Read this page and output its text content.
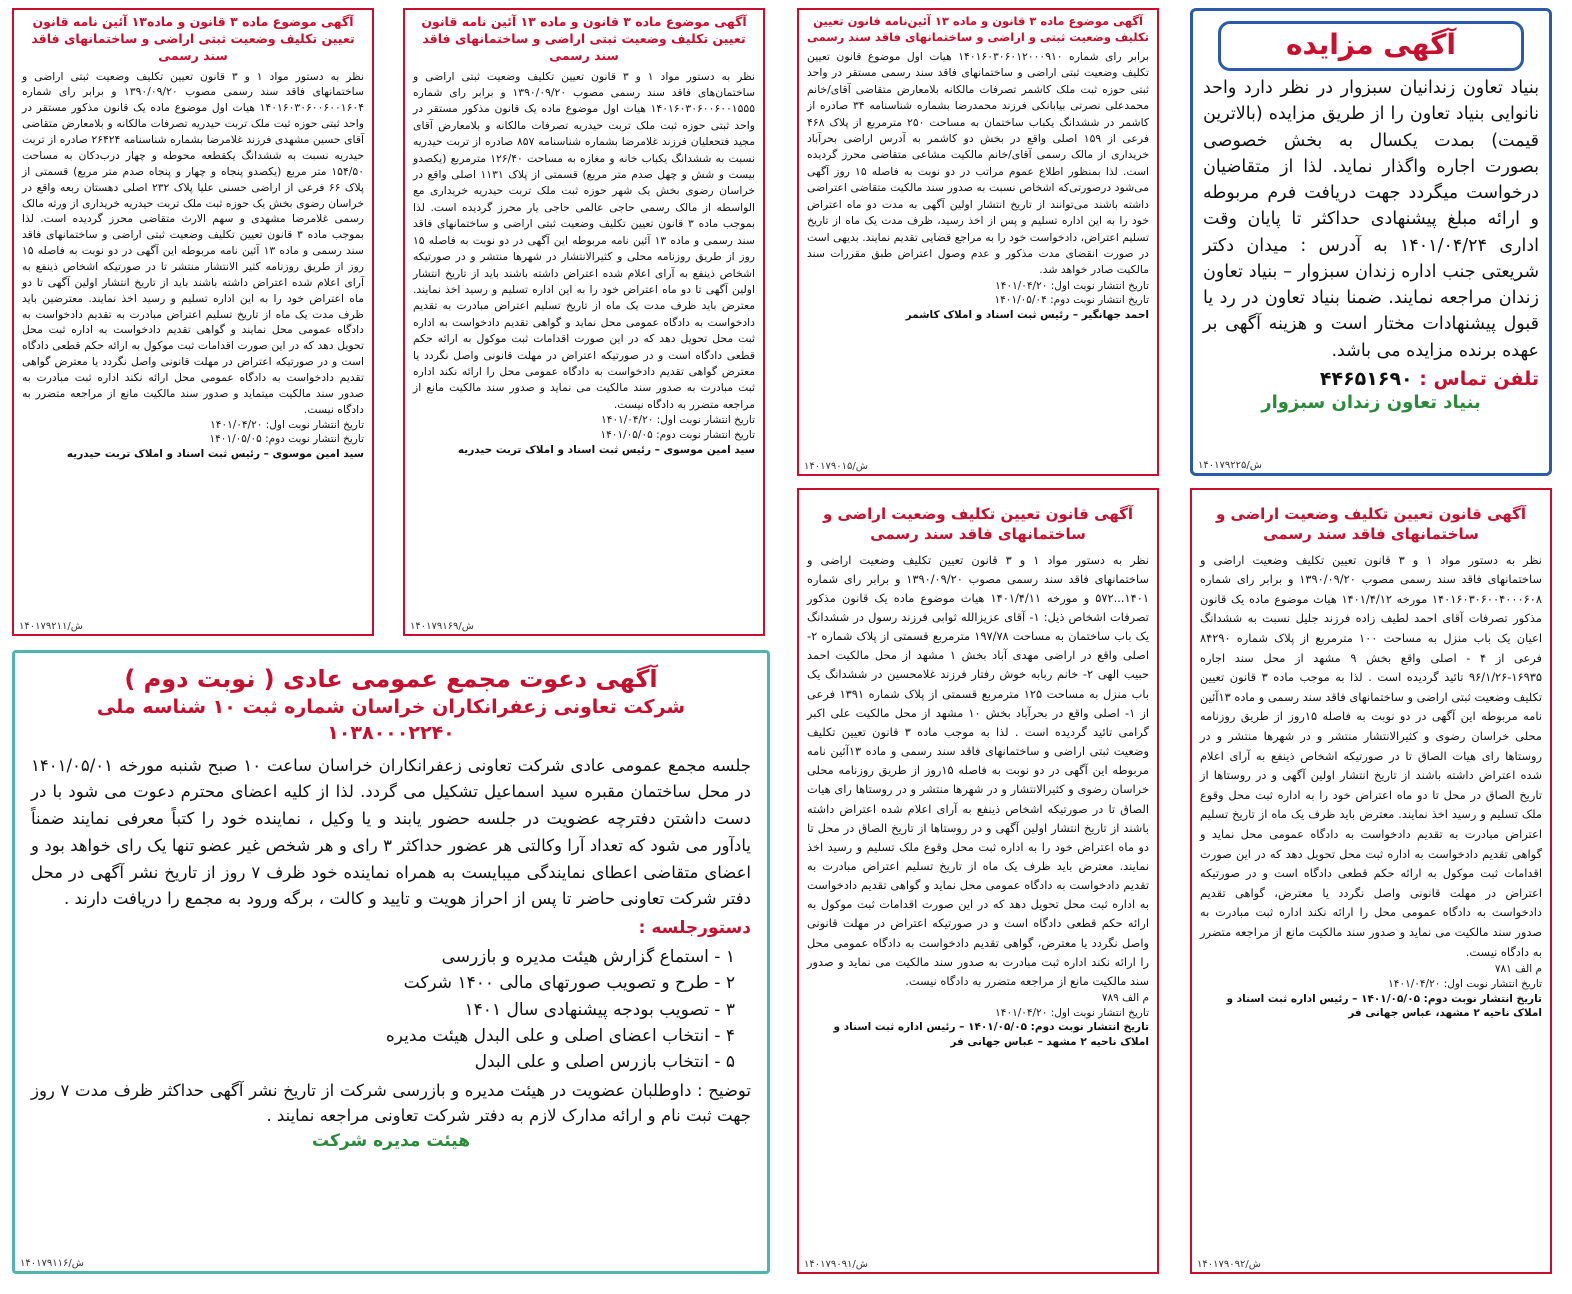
آگهی مزایده

بنیاد تعاون زندانیان سبزوار در نظر دارد واحد نانوایی بنیاد تعاون را از طریق مزایده (بالاترین قیمت) بمدت یکسال به بخش خصوصی بصورت اجاره واگذار نماید. لذا از متقاضیان درخواست میگردد جهت دریافت فرم مربوطه و ارائه مبلغ پیشنهادی حداکثر تا پایان وقت اداری ۱۴۰۱/۰۴/۲۴ به آدرس : میدان دکتر شریعتی جنب اداره زندان سبزوار – بنیاد تعاون زندان مراجعه نمایند. ضمنا بنیاد تعاون در رد یا قبول پیشنهادات مختار است و هزینه آگهی بر عهده برنده مزایده می باشد.

تلفن تماس : ۴۴۶۵۱۶۹۰
بنیاد تعاون زندان سبزوار
۱۴۰۱۷۹۲۲۵/ش
آگهی قانون تعیین تکلیف وضعیت اراضی و ساختمانهای فاقد سند رسمی

نظر به دستور مواد ۱ و ۳ قانون تعیین تکلیف وضعیت اراضی و ساختمانهای فاقد سند رسمی مصوب ۱۳۹۰/۰۹/۲۰ و برابر رای شماره ۱۴۰۱۶۰۳۰۶۰۰۴۰۰۰۶۰۸ مورخه ۱۴۰۱/۴/۱۲ هیات موضوع ماده یک قانون مذکور تصرفات آقای احمد لطیف زاده فرزند جلیل نسبت به ششدانگ اعیان یک باب منزل به مساحت ۱۰۰ مترمربع از پلاک شماره ۸۴۲۹۰ فرعی از ۴ - اصلی واقع بخش ۹ مشهد از محل سند اجاره ۱۶۹۳۵-۹۶/۱/۲۶ تائید گردیده است . لذا به موجب ماده ۳ قانون تعیین تکلیف وضعیت ثبتی اراضی و ساختمانهای فاقد سند رسمی و ماده ۱۳آئین نامه مربوطه این آگهی در دو نوبت به فاصله ۱۵روز از طریق روزنامه محلی خراسان رضوی و کثیرالانتشار منتشر و در شهرها منتشر و در روستاها رای هیات الصاق تا در صورتیکه اشخاص ذینفع به آرای اعلام شده اعتراض داشته باشند از تاریخ انتشار اولین آگهی و در روستاها از تاریخ الصاق در محل تا دو ماه اعتراض خود را به اداره ثبت محل وقوع ملک تسلیم و رسید اخذ نمایند. معترض باید ظرف یک ماه از تاریخ تسلیم اعتراض مبادرت به تقدیم دادخواست به دادگاه عمومی محل نماید و گواهی تقدیم دادخواست به اداره ثبت محل تحویل دهد که در این صورت اقدامات ثبت موکول به ارائه حکم قطعی دادگاه است و در صورتیکه اعتراض در مهلت قانونی واصل نگردد یا معترض، گواهی تقدیم دادخواست به دادگاه عمومی محل را ارائه نکند اداره ثبت مبادرت به صدور سند مالکیت می نماید و صدور سند مالکیت مانع از مراجعه متضرر به دادگاه نیست.

م الف ۷۸۱
تاریخ انتشار نوبت اول: ۱۴۰۱/۰۴/۲۰
تاریخ انتشار نوبت دوم: ۱۴۰۱/۰۵/۰۵ – رئیس اداره ثبت اسناد و املاک ناحیه ۲ مشهد، عباس جهانی فر
۱۴۰۱۷۹۰۹۲/ش
آگهی موضوع ماده ۳ قانون و ماده ۱۳ آئین‌نامه قانون تعیین تکلیف وضعیت ثبتی و اراضی و ساختمانهای فاقد سند رسمی

برابر رای شماره ۱۴۰۱۶۰۳۰۶۰۱۲۰۰۰۹۱۰ هیات اول موضوع قانون تعیین تکلیف وضعیت ثبتی اراضی و ساختمانهای فاقد سند رسمی مستقر در واحد ثبتی حوزه ثبت ملک کاشمر تصرفات مالکانه بلامعارض متقاضی آقای/خانم محمدعلی نصرتی بیابانکی فرزند محمدرضا بشماره شناسنامه ۳۴ صادره از کاشمر در ششدانگ یکباب ساختمان به مساحت ۲۵۰ مترمربع از پلاک ۴۶۸ فرعی از ۱۵۹ اصلی واقع در بخش دو کاشمر به آدرس اراضی بحرآباد خریداری از مالک رسمی آقای/خانم مالکیت مشاعی متقاضی محرز گردیده است. لذا بمنظور اطلاع عموم مراتب در دو نوبت به فاصله ۱۵ روز آگهی می‌شود درصورتی‌که اشخاص نسبت به صدور سند مالکیت متقاضی اعتراضی داشته باشند می‌توانند از تاریخ انتشار اولین آگهی به مدت دو ماه اعتراض خود را به این اداره تسلیم و پس از اخذ رسید، ظرف مدت یک ماه از تاریخ تسلیم اعتراض، دادخواست خود را به مراجع قضایی تقدیم نمایند. بدیهی است در صورت انقضای مدت مذکور و عدم وصول اعتراض طبق مقررات سند مالکیت صادر خواهد شد.

تاریخ انتشار نوبت اول: ۱۴۰۱/۰۴/۲۰
تاریخ انتشار نوبت دوم: ۱۴۰۱/۰۵/۰۴
احمد جهانگیر – رئیس ثبت اسناد و املاک کاشمر
۱۴۰۱۷۹۰۱۵/ش
آگهی قانون تعیین تکلیف وضعیت اراضی و ساختمانهای فاقد سند رسمی

نظر به دستور مواد ۱ و ۳ قانون تعیین تکلیف وضعیت اراضی و ساختمانهای فاقد سند رسمی مصوب ۱۳۹۰/۰۹/۲۰ و برابر رای شماره ۱۴۰۱...۵۷۲ و مورخه ۱۴۰۱/۴/۱۱ هیات موضوع ماده یک قانون مذکور تصرفات اشخاص ذیل: ۱- آقای عزیزالله ثوابی فرزند رسول در ششدانگ یک باب ساختمان به مساحت ۱۹۷/۷۸ مترمربع قسمتی از پلاک شماره ۲- اصلی واقع در اراضی مهدی آباد بخش ۱ مشهد از محل مالکیت احمد حبیب الهی ۲- خانم ربابه خوش رفتار فرزند غلامحسین در ششدانگ یک باب منزل به مساحت ۱۲۵ مترمربع قسمتی از پلاک شماره ۱۳۹۱ فرعی از ۱- اصلی واقع در بحرآباد بخش ۱۰ مشهد از محل مالکیت علی اکبر گرامی تائید گردیده است . لذا به موجب ماده ۳ قانون تعیین تکلیف وضعیت ثبتی اراضی و ساختمانهای فاقد سند رسمی و ماده ۱۳آئین نامه مربوطه این آگهی در دو نوبت به فاصله ۱۵روز از طریق روزنامه محلی خراسان رضوی و کثیرالانتشار و در شهرها منتشر و در روستاها رای هیات الصاق تا در صورتیکه اشخاص ذینفع به آرای اعلام شده اعتراض داشته باشند از تاریخ انتشار اولین آگهی و در روستاها از تاریخ الصاق در محل تا دو ماه اعتراض خود را به اداره ثبت محل وقوع ملک تسلیم و رسید اخذ نمایند. معترض باید ظرف یک ماه از تاریخ تسلیم اعتراض مبادرت به تقدیم دادخواست به دادگاه عمومی محل نماید و گواهی تقدیم دادخواست به اداره ثبت محل تحویل دهد که در این صورت اقدامات ثبت موکول به ارائه حکم قطعی دادگاه است و در صورتیکه اعتراض در مهلت قانونی واصل نگردد یا معترض، گواهی تقدیم دادخواست به دادگاه عمومی محل را ارائه نکند اداره ثبت مبادرت به صدور سند مالکیت می نماید و صدور سند مالکیت مانع از مراجعه متضرر به دادگاه نیست.

م الف ۷۸۹
تاریخ انتشار نوبت اول: ۱۴۰۱/۰۴/۲۰
تاریخ انتشار نوبت دوم: ۱۴۰۱/۰۵/۰۵ – رئیس اداره ثبت اسناد و املاک ناحیه ۲ مشهد – عباس جهانی فر
۱۴۰۱۷۹۰۹۱/ش
آگهی موضوع ماده ۳ قانون و ماده ۱۳ آئین نامه قانون تعیین تکلیف وضعیت ثبتی اراضی و ساختمانهای فاقد سند رسمی

نظر به دستور مواد ۱ و ۳ قانون تعیین تکلیف وضعیت ثبتی اراضی و ساختمان‌های فاقد سند رسمی مصوب ۱۳۹۰/۰۹/۲۰ و برابر رای شماره ۱۴۰۱۶۰۳۰۶۰۰۶۰۰۱۵۵۵ هیات اول موضوع ماده یک قانون مذکور مستقر در واحد ثبتی حوزه ثبت ملک تربت حیدریه تصرفات مالکانه و بلامعارض آقای مجید فتحعلیان فرزند غلامرضا بشماره شناسنامه ۸۵۷ صادره از تربت حیدریه نسبت به ششدانگ یکباب خانه و مغازه به مساحت ۱۲۶/۴۰ مترمربع (یکصدو بیست و شش و چهل صدم متر مربع) قسمتی از پلاک ۱۱۳۱ اصلی واقع در خراسان رضوی بخش یک شهر حوزه ثبت ملک تربت حیدریه خریداری مع الواسطه از مالک رسمی حاجی عالمی حاجی یار محرز گردیده است. لذا بموجب ماده ۳ قانون تعیین تکلیف وضعیت ثبتی اراضی و ساختمانهای فاقد سند رسمی و ماده ۱۳ آئین نامه مربوطه این آگهی در دو نوبت به فاصله ۱۵ روز از طریق روزنامه محلی و کثیرالانتشار در شهرها منتشر و در صورتیکه اشخاص ذینفع به آرای اعلام شده اعتراض داشته باشند باید از تاریخ انتشار اولین آگهی تا دو ماه اعتراض خود را به این اداره تسلیم و رسید اخذ نمایند. معترض باید ظرف مدت یک ماه از تاریخ تسلیم اعتراض مبادرت به تقدیم دادخواست به دادگاه عمومی محل نماید و گواهی تقدیم دادخواست به اداره ثبت محل تحویل دهد که در این صورت اقدامات ثبت موکول به ارائه حکم قطعی دادگاه است و در صورتیکه اعتراض در مهلت قانونی واصل نگردد یا معترض گواهی تقدیم دادخواست به دادگاه عمومی محل را ارائه نکند اداره ثبت مبادرت به صدور سند مالکیت می نماید و صدور سند مالکیت مانع از مراجعه متضرر به دادگاه نیست.

تاریخ انتشار نوبت اول: ۱۴۰۱/۰۴/۲۰
تاریخ انتشار نوبت دوم: ۱۴۰۱/۰۵/۰۵
سید امین موسوی – رئیس ثبت اسناد و املاک تربت حیدریه
۱۴۰۱۷۹۱۶۹/ش
آگهی موضوع ماده ۳ قانون و ماده۱۳ آئین نامه قانون تعیین تکلیف وضعیت ثبتی اراضی و ساختمانهای فاقد سند رسمی

نظر به دستور مواد ۱ و ۳ قانون تعیین تکلیف وضعیت ثبتی اراضی و ساختمانهای فاقد سند رسمی مصوب ۱۳۹۰/۰۹/۲۰ و برابر رای شماره ۱۴۰۱۶۰۳۰۶۰۰۶۰۰۱۶۰۴ هیات اول موضوع ماده یک قانون مذکور مستقر در واحد ثبتی حوزه ثبت ملک تربت حیدریه تصرفات مالکانه و بلامعارض متقاضی آقای حسین مشهدی فرزند غلامرضا بشماره شناسنامه ۲۶۴۲۴ صادره از تربت حیدریه نسبت به ششدانگ یکقطعه محوطه و چهار درب‌دکان به مساحت ۱۵۴/۵۰ متر مربع (یکصدو پنجاه و چهار و پنجاه صدم متر مربع) قسمتی از پلاک ۶۶ فرعی از اراضی حسنی علیا پلاک ۲۳۲ اصلی دهستان ربعه واقع در خراسان رضوی بخش یک حوزه ثبت ملک تربت حیدریه خریداری از ورثه مالک رسمی غلامرضا مشهدی و سهم الارث متقاضی محرز گردیده است. لذا بموجب ماده ۳ قانون تعیین تکلیف وضعیت ثبتی اراضی و ساختمانهای فاقد سند رسمی و ماده ۱۳ آئین نامه مربوطه این آگهی در دو نوبت به فاصله ۱۵ روز از طریق روزنامه کثیر الانتشار منتشر تا در صورتیکه اشخاص ذینفع به آرای اعلام شده اعتراض داشته باشند باید از تاریخ انتشار اولین آگهی تا دو ماه اعتراض خود را به این اداره تسلیم و رسید اخذ نمایند. معترضین باید ظرف مدت یک ماه از تاریخ تسلیم اعتراض مبادرت به تقدیم دادخواست به دادگاه عمومی محل نمایند و گواهی تقدیم دادخواست به اداره ثبت محل تحویل دهد که در این صورت اقدامات ثبت موکول به ارائه حکم قطعی دادگاه است و در صورتیکه اعتراض در مهلت قانونی واصل نگردد یا معترض گواهی تقدیم دادخواست به دادگاه عمومی محل ارائه نکند اداره ثبت مبادرت به صدور سند مالکیت میتماید و صدور سند مالکیت مانع از مراجعه متضرر به دادگاه نیست.

تاریخ انتشار نوبت اول: ۱۴۰۱/۰۴/۲۰
تاریخ انتشار نوبت دوم: ۱۴۰۱/۰۵/۰۵
سید امین موسوی – رئیس ثبت اسناد و املاک تربت حیدریه
۱۴۰۱۷۹۲۱۱/ش
آگهی دعوت مجمع عمومی عادی ( نوبت دوم )
شرکت تعاونی زعفرانکاران خراسان شماره ثبت ۱۰ شناسه ملی ۱۰۳۸۰۰۰۲۲۴۰

جلسه مجمع عمومی عادی شرکت تعاونی زعفرانکاران خراسان ساعت ۱۰ صبح شنبه مورخه ۱۴۰۱/۰۵/۰۱ در محل ساختمان مقبره سید اسماعیل تشکیل می گردد. لذا از کلیه اعضای محترم دعوت می شود با در دست داشتن دفترچه عضویت در جلسه حضور یابند و یا وکیل ، نماینده خود را کتباً معرفی نمایند ضمناً یادآور می شود که تعداد آرا وکالتی هر عضور حداکثر ۳ رای و هر شخص غیر عضو تنها یک رای خواهد بود و اعضای متقاضی اعطای نمایندگی میبایست به همراه نماینده خود ظرف ۷ روز از تاریخ نشر آگهی در محل دفتر شرکت تعاونی حاضر تا پس از احراز هویت و تایید و کالت ، برگه ورود به مجمع را دریافت دارند .

دستورجلسه :
۱ - استماع گزارش هیئت مدیره و بازرسی
۲ - طرح و تصویب صورتهای مالی ۱۴۰۰ شرکت
۳ - تصویب بودجه پیشنهادی سال ۱۴۰۱
۴ - انتخاب اعضای اصلی و علی البدل هیئت مدیره
۵ - انتخاب بازرس اصلی و علی البدل

توضیح : داوطلبان عضویت در هیئت مدیره و بازرسی شرکت از تاریخ نشر آگهی حداکثر ظرف مدت ۷ روز جهت ثبت نام و ارائه مدارک لازم به دفتر شرکت تعاونی مراجعه نمایند .

هیئت مدیره شرکت
۱۴۰۱۷۹۱۱۶/ش
